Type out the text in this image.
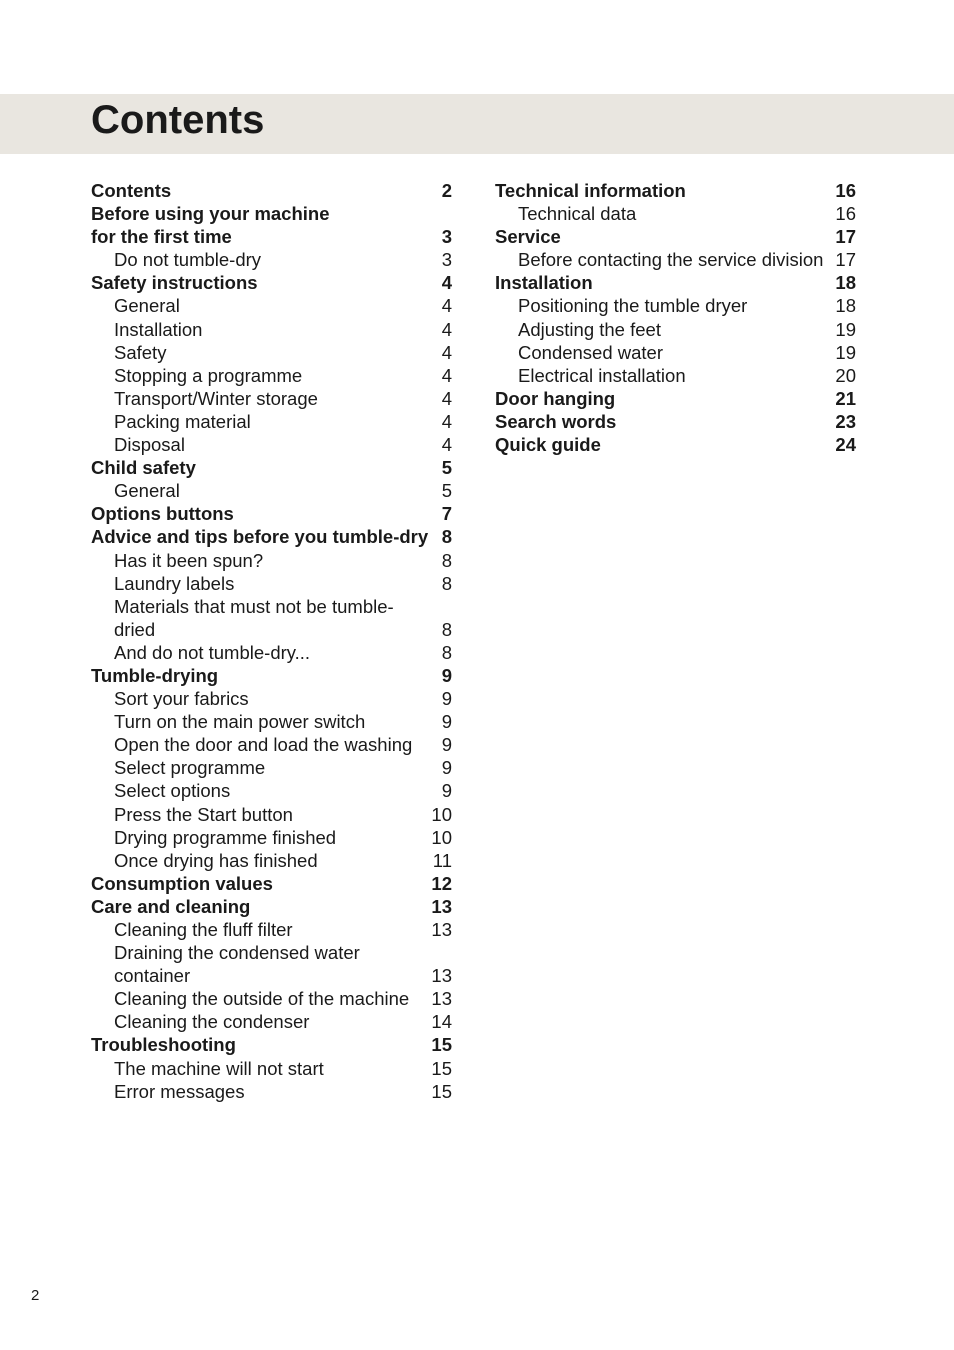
Contents
Contents	2
Before using your machine
for the first time	3
Do not tumble-dry	3
Safety instructions	4
General	4
Installation	4
Safety	4
Stopping a programme	4
Transport/Winter storage	4
Packing material	4
Disposal	4
Child safety	5
General	5
Options buttons	7
Advice and tips before you tumble-dry 8
Has it been spun?	8
Laundry labels	8
Materials that must not be tumble-dried	8
And do not tumble-dry...	8
Tumble-drying	9
Sort your fabrics	9
Turn on the main power switch	9
Open the door and load the washing	9
Select programme	9
Select options	9
Press the Start button	10
Drying programme finished	10
Once drying has finished	11
Consumption values	12
Care and cleaning	13
Cleaning the fluff filter	13
Draining the condensed water
container	13
Cleaning the outside of the machine	13
Cleaning the condenser	14
Troubleshooting	15
The machine will not start	15
Error messages	15
Technical information	16
Technical data	16
Service	17
Before contacting the service division 17
Installation	18
Positioning the tumble dryer	18
Adjusting the feet	19
Condensed water	19
Electrical installation	20
Door hanging	21
Search words	23
Quick guide	24
2
